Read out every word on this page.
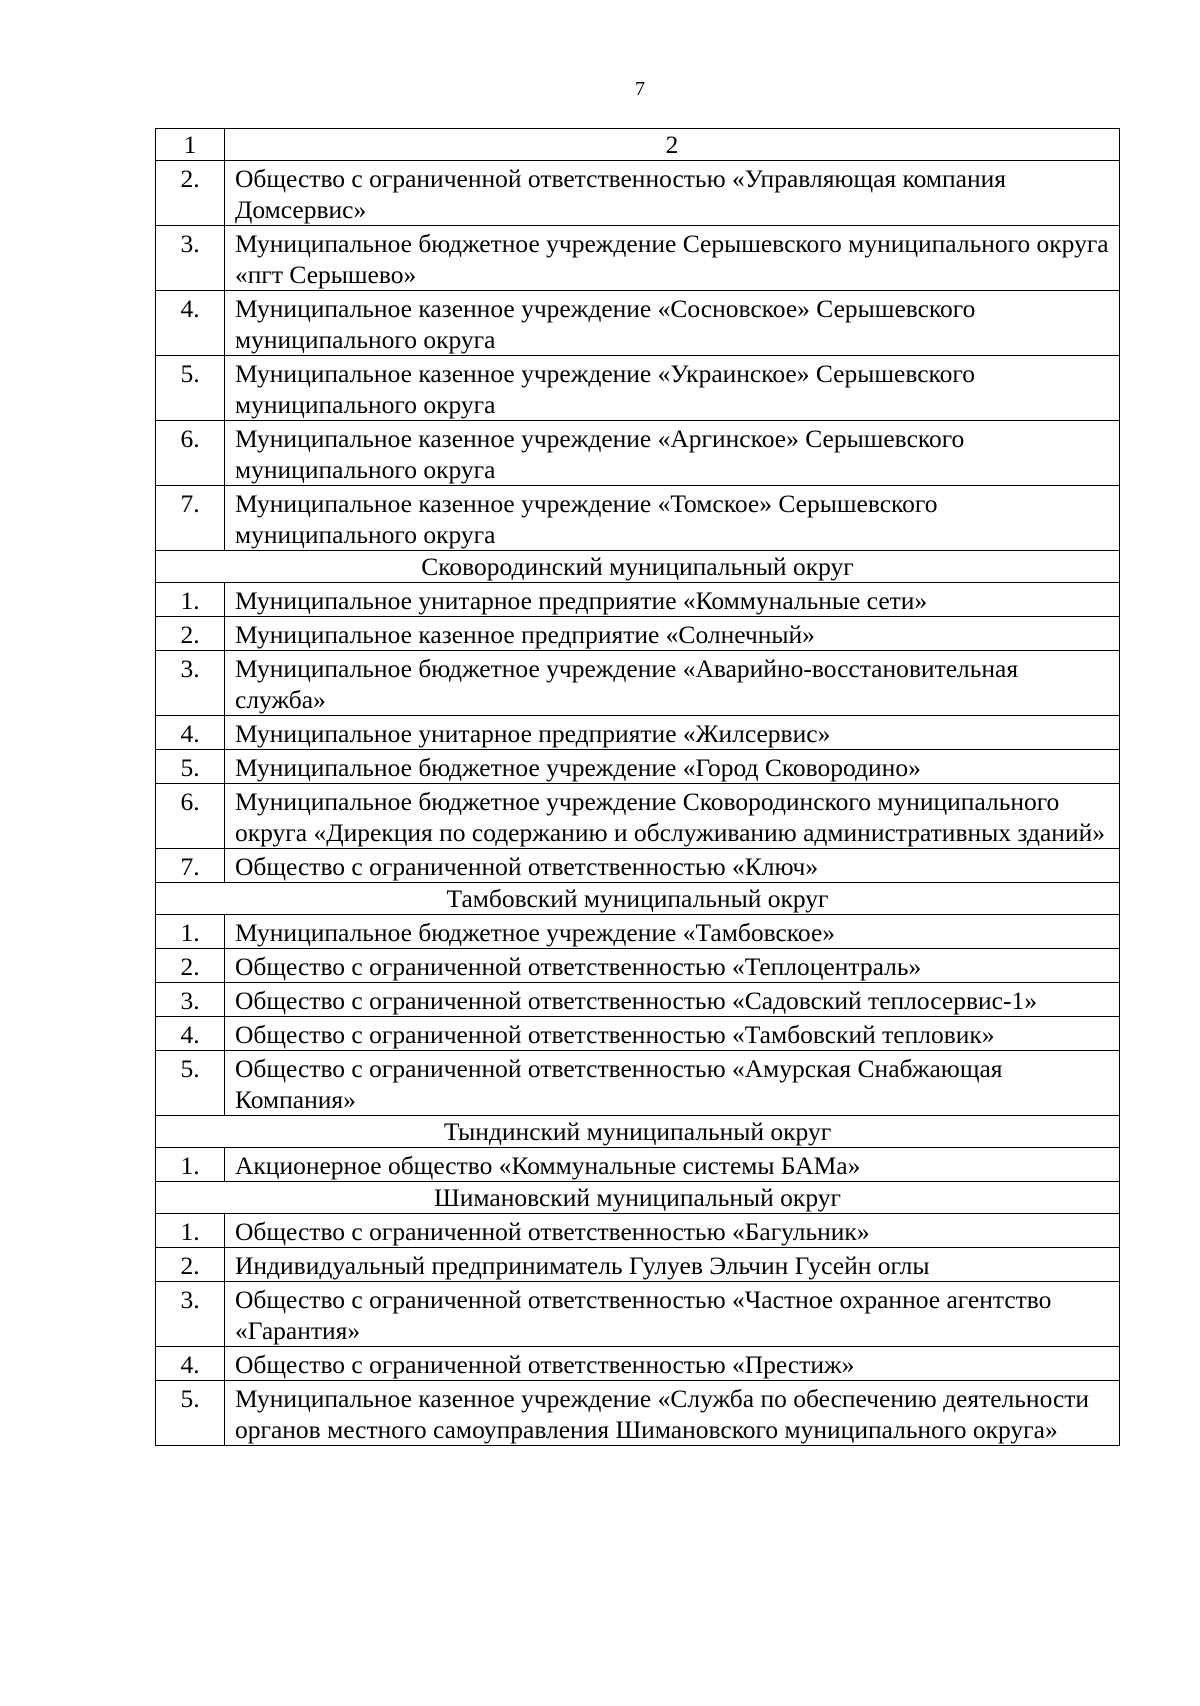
7
1	2
2.	Общество с ограниченной ответственностью «Управляющая компания Домсервис»
3.	Муниципальное бюджетное учреждение Серышевского муниципального округа «пгт Серышево»
4.	Муниципальное казенное учреждение «Сосновское» Серышевского муниципального округа
5.	Муниципальное казенное учреждение «Украинское» Серышевского муниципального округа
6.	Муниципальное казенное учреждение «Аргинское» Серышевского муниципального округа
7.	Муниципальное казенное учреждение «Томское» Серышевского муниципального округа
Сковородинский муниципальный округ	
1.	Муниципальное унитарное предприятие «Коммунальные сети»
2.	Муниципальное казенное предприятие «Солнечный»
3.	Муниципальное бюджетное учреждение «Аварийно-восстановительная служба»
4.	Муниципальное унитарное предприятие «Жилсервис»
5.	Муниципальное бюджетное учреждение «Город Сковородино»
6.	Муниципальное бюджетное учреждение Сковородинского муниципального округа «Дирекция по содержанию и обслуживанию административных зданий»
7.	Общество с ограниченной ответственностью «Ключ»
Тамбовский муниципальный округ	
1.	Муниципальное бюджетное учреждение «Тамбовское»
2.	Общество с ограниченной ответственностью «Теплоцентраль»
3.	Общество с ограниченной ответственностью «Садовский теплосервис-1»
4.	Общество с ограниченной ответственностью «Тамбовский тепловик»
5.	Общество с ограниченной ответственностью «Амурская Снабжающая Компания»
Тындинский муниципальный округ	
1.	Акционерное общество «Коммунальные системы БАМа»
Шимановский муниципальный округ	
1.	Общество с ограниченной ответственностью «Багульник»
2.	Индивидуальный предприниматель Гулуев Эльчин Гусейн оглы
3.	Общество с ограниченной ответственностью «Частное охранное агентство «Гарантия»
4.	Общество с ограниченной ответственностью «Престиж»
5.	Муниципальное казенное учреждение «Служба по обеспечению деятельности органов местного самоуправления Шимановского муниципального округа»
